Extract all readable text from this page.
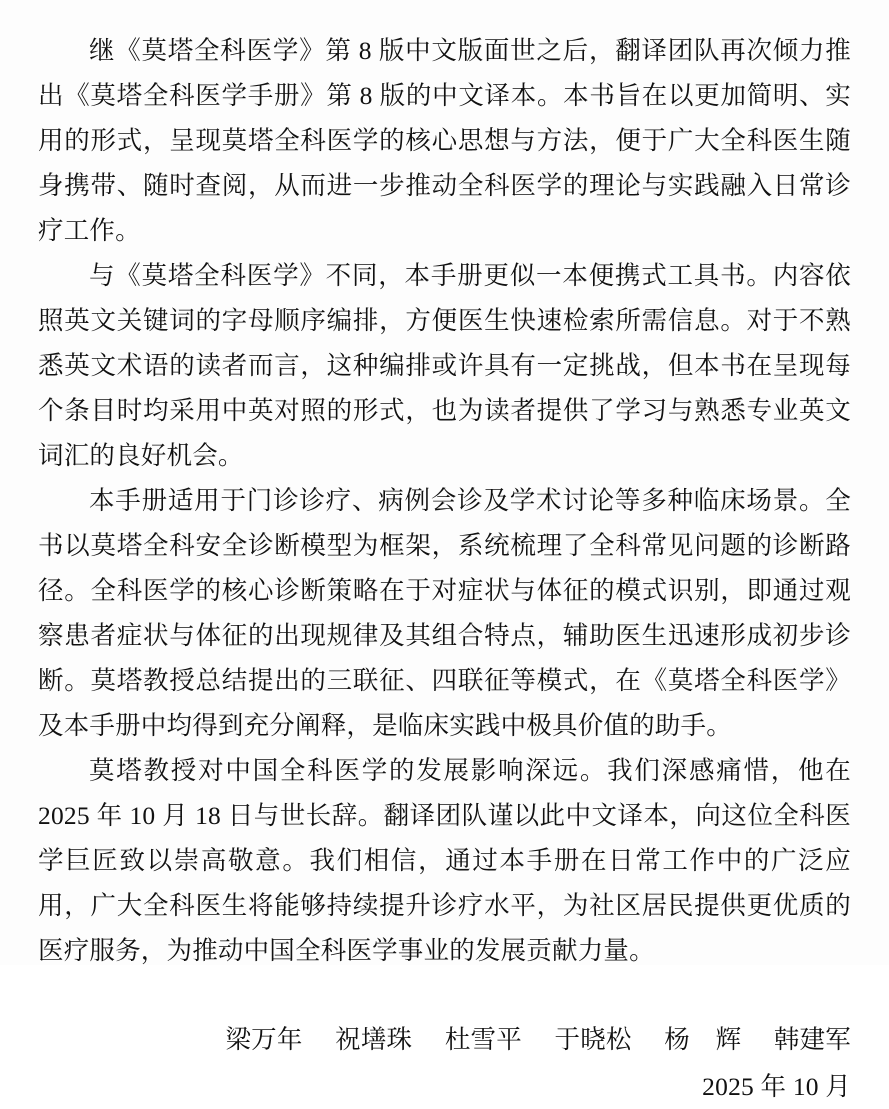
继《莫塔全科医学》第 8 版中文版面世之后，翻译团队再次倾力推出《莫塔全科医学手册》第 8 版的中文译本。本书旨在以更加简明、实用的形式，呈现莫塔全科医学的核心思想与方法，便于广大全科医生随身携带、随时查阅，从而进一步推动全科医学的理论与实践融入日常诊疗工作。

与《莫塔全科医学》不同，本手册更似一本便携式工具书。内容依照英文关键词的字母顺序编排，方便医生快速检索所需信息。对于不熟悉英文术语的读者而言，这种编排或许具有一定挑战，但本书在呈现每个条目时均采用中英对照的形式，也为读者提供了学习与熟悉专业英文词汇的良好机会。

本手册适用于门诊诊疗、病例会诊及学术讨论等多种临床场景。全书以莫塔全科安全诊断模型为框架，系统梳理了全科常见问题的诊断路径。全科医学的核心诊断策略在于对症状与体征的模式识别，即通过观察患者症状与体征的出现规律及其组合特点，辅助医生迅速形成初步诊断。莫塔教授总结提出的三联征、四联征等模式，在《莫塔全科医学》及本手册中均得到充分阐释，是临床实践中极具价值的助手。

莫塔教授对中国全科医学的发展影响深远。我们深感痛惜，他在 2025 年 10 月 18 日与世长辞。翻译团队谨以此中文译本，向这位全科医学巨匠致以崇高敬意。我们相信，通过本手册在日常工作中的广泛应用，广大全科医生将能够持续提升诊疗水平，为社区居民提供更优质的医疗服务，为推动中国全科医学事业的发展贡献力量。

梁万年 祝墡珠 杜雪平 于晓松 杨　辉 韩建军
2025 年 10 月
